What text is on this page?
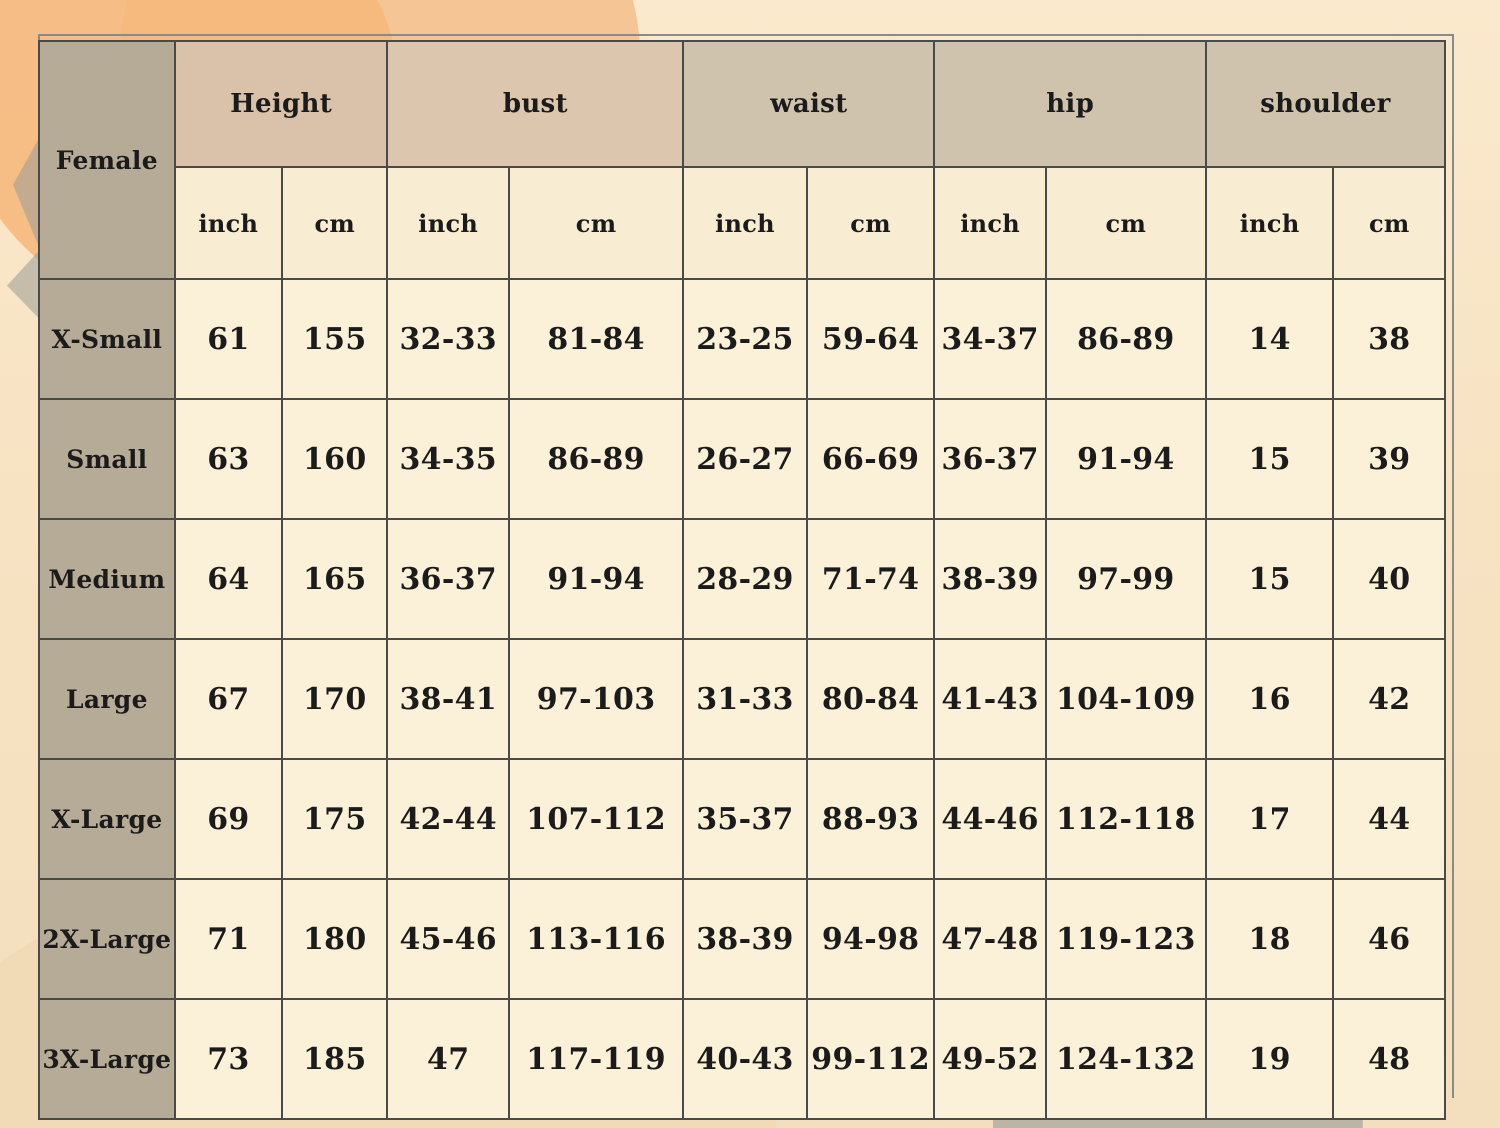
Female	Height		bust		waist		hip		shoulder	
	inch	cm	inch	cm	inch	cm	inch	cm	inch	cm
X-Small	61	155	32-33	81-84	23-25	59-64	34-37	86-89	14	38
Small	63	160	34-35	86-89	26-27	66-69	36-37	91-94	15	39
Medium	64	165	36-37	91-94	28-29	71-74	38-39	97-99	15	40
Large	67	170	38-41	97-103	31-33	80-84	41-43	104-109	16	42
X-Large	69	175	42-44	107-112	35-37	88-93	44-46	112-118	17	44
2X-Large	71	180	45-46	113-116	38-39	94-98	47-48	119-123	18	46
3X-Large	73	185	47	117-119	40-43	99-112	49-52	124-132	19	48
